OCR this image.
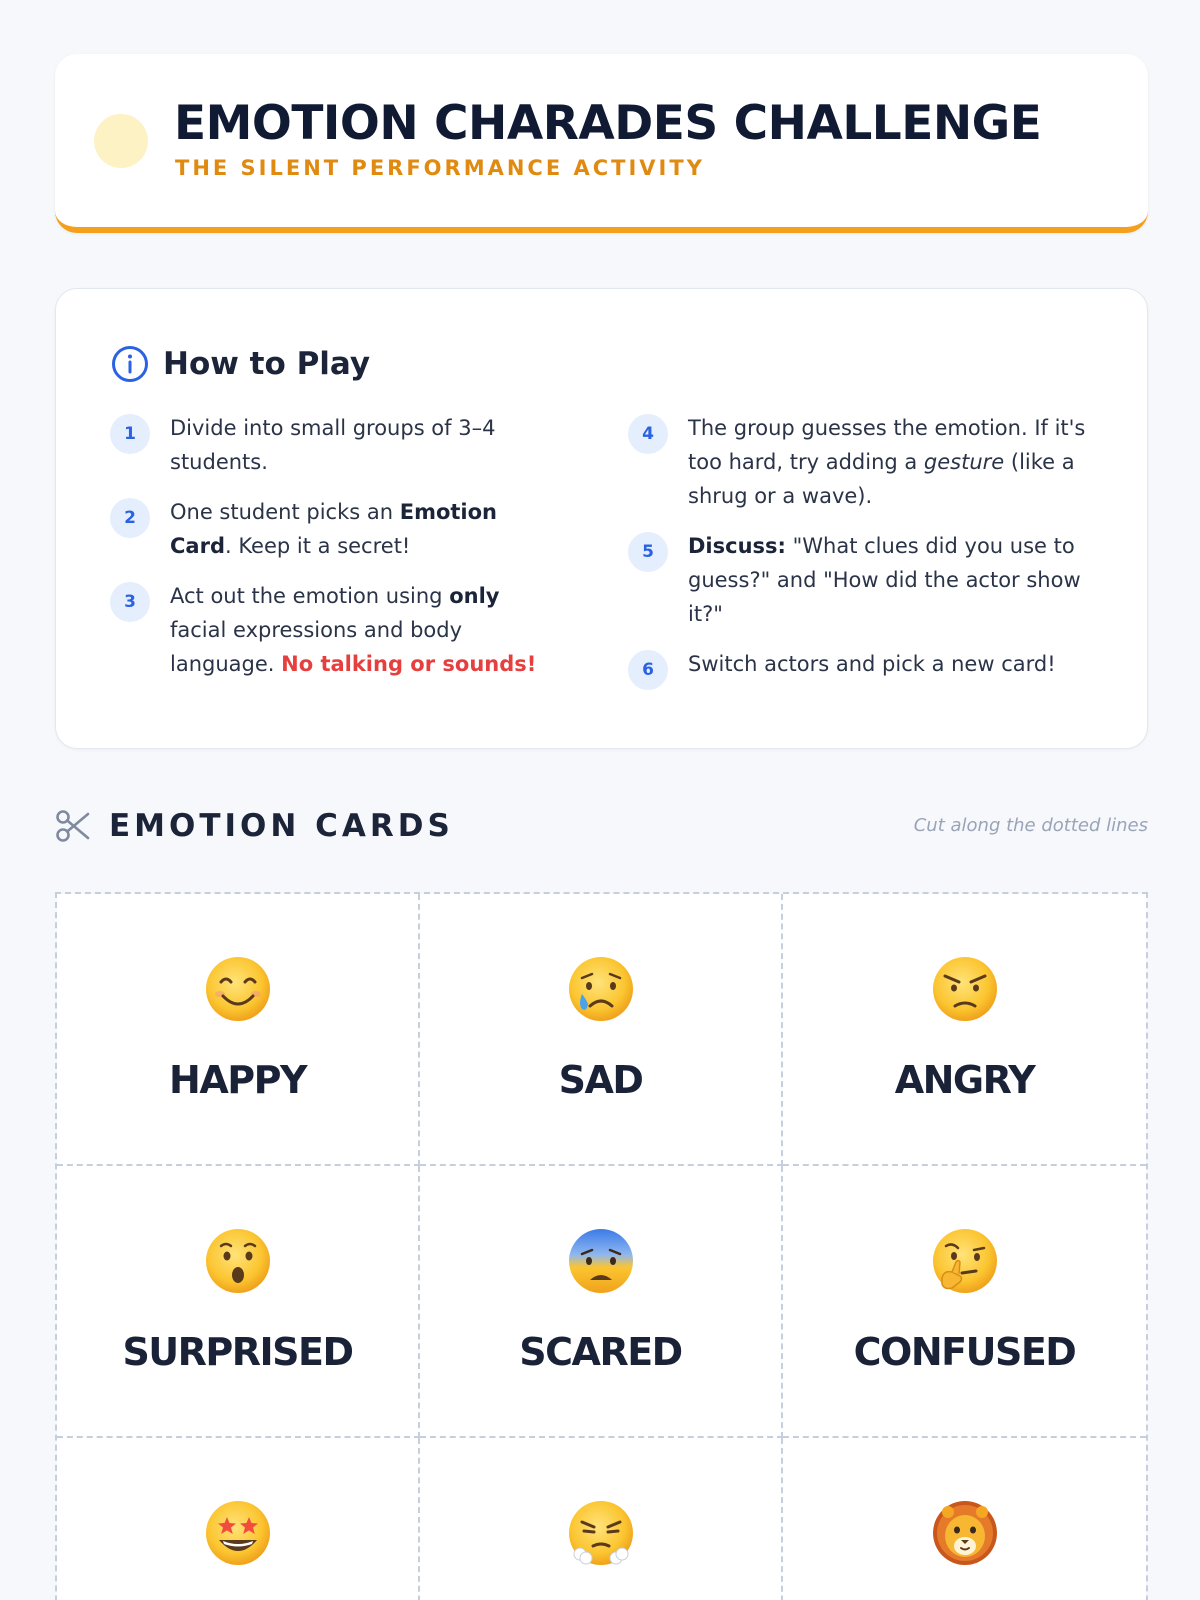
EMOTION CHARADES CHALLENGE
THE SILENT PERFORMANCE ACTIVITY
How to Play
1	Divide into small groups of 3–4 students.
2	One student picks an Emotion Card. Keep it a secret!
3	Act out the emotion using only facial expressions and body language. No talking or sounds!
4	The group guesses the emotion. If it's too hard, try adding a gesture (like a shrug or a wave).
5	Discuss: "What clues did you use to guess?" and "How did the actor show it?"
6	Switch actors and pick a new card!
EMOTION CARDS	Cut along the dotted lines
HAPPY	SAD	ANGRY
SURPRISED	SCARED	CONFUSED
